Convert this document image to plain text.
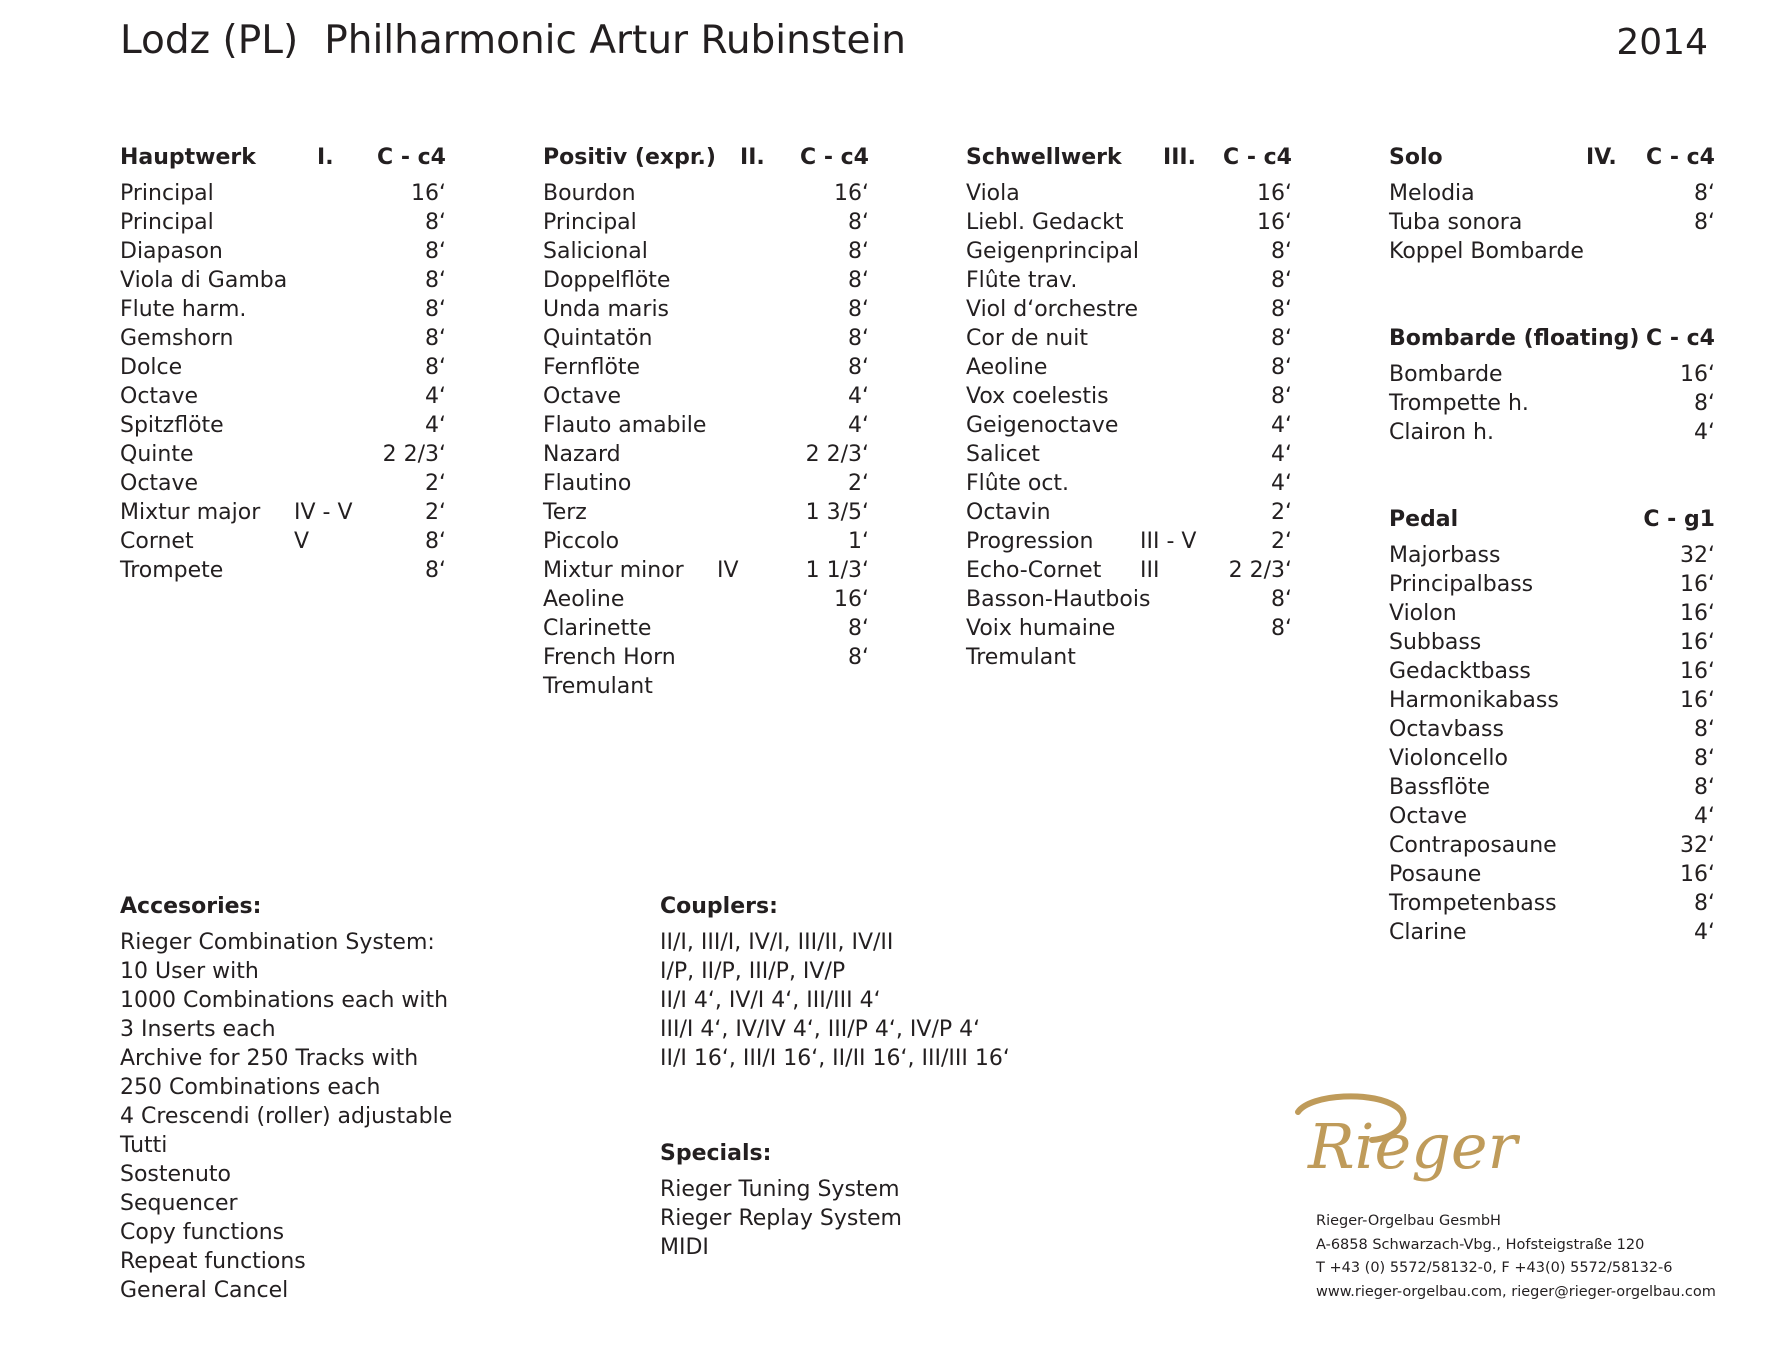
Lodz (PL) Philharmonic Artur Rubinstein	2014
Hauptwerk	I.	C - c4
Principal	16‘
Principal	8‘
Diapason	8‘
Viola di Gamba	8‘
Flute harm.	8‘
Gemshorn	8‘
Dolce	8‘
Octave	4‘
Spitzflöte	4‘
Quinte	2 2/3‘
Octave	2‘
Mixtur major	IV - V	2‘
Cornet	V	8‘
Trompete	8‘
Positiv (expr.)	II.	C - c4
Bourdon	16‘
Principal	8‘
Salicional	8‘
Doppelflöte	8‘
Unda maris	8‘
Quintatön	8‘
Fernflöte	8‘
Octave	4‘
Flauto amabile	4‘
Nazard	2 2/3‘
Flautino	2‘
Terz	1 3/5‘
Piccolo	1‘
Mixtur minor	IV	1 1/3‘
Aeoline	16‘
Clarinette	8‘
French Horn	8‘
Tremulant
Schwellwerk	III.	C - c4
Viola	16‘
Liebl. Gedackt	16‘
Geigenprincipal	8‘
Flûte trav.	8‘
Viol d‘orchestre	8‘
Cor de nuit	8‘
Aeoline	8‘
Vox coelestis	8‘
Geigenoctave	4‘
Salicet	4‘
Flûte oct.	4‘
Octavin	2‘
Progression	III - V	2‘
Echo-Cornet	III	2 2/3‘
Basson-Hautbois	8‘
Voix humaine	8‘
Tremulant
Solo	IV.	C - c4
Melodia	8‘
Tuba sonora	8‘
Koppel Bombarde
Bombarde (floating) C - c4
Bombarde	16‘
Trompette h.	8‘
Clairon h.	4‘
Pedal	C - g1
Majorbass	32‘
Principalbass	16‘
Violon	16‘
Subbass	16‘
Gedacktbass	16‘
Harmonikabass	16‘
Octavbass	8‘
Violoncello	8‘
Bassflöte	8‘
Octave	4‘
Contraposaune	32‘
Posaune	16‘
Trompetenbass	8‘
Clarine	4‘
Accesories:
Rieger Combination System:
10 User with
1000 Combinations each with
3 Inserts each
Archive for 250 Tracks with
250 Combinations each
4 Crescendi (roller) adjustable
Tutti
Sostenuto
Sequencer
Copy functions
Repeat functions
General Cancel
Couplers:
II/I, III/I, IV/I, III/II, IV/II
I/P, II/P, III/P, IV/P
II/I 4‘, IV/I 4‘, III/III 4‘
III/I 4‘, IV/IV 4‘, III/P 4‘, IV/P 4‘
II/I 16‘, III/I 16‘, II/II 16‘, III/III 16‘
Specials:
Rieger Tuning System
Rieger Replay System
MIDI
Rieger
Rieger-Orgelbau GesmbH
A-6858 Schwarzach-Vbg., Hofsteigstraße 120
T +43 (0) 5572/58132-0, F +43(0) 5572/58132-6
www.rieger-orgelbau.com, rieger@rieger-orgelbau.com
